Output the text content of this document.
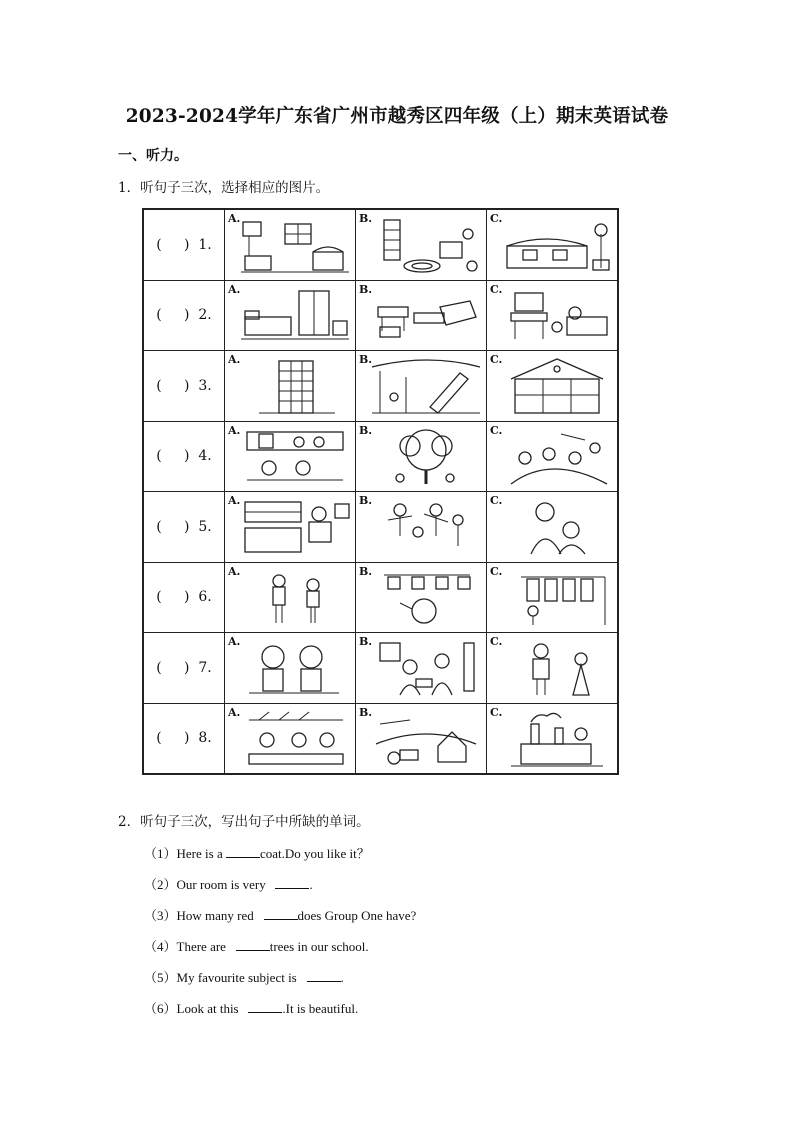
2023-2024学年广东省广州市越秀区四年级（上）期末英语试卷
一、听力。
1．听句子三次，选择相应的图片。
(     )  1.	A.	B.	C.

(     )  2.	A.	B.	C.

(     )  3.	A.	B.	C.

(     )  4.	A.	B.	C.

(     )  5.	A.	B.	C.

(     )  6.	A.	B.	C.

(     )  7.	A.	B.	C.

(     )  8.	A.	B.	C.
2．听句子三次，写出句子中所缺的单词。
（1）Here is a	coat.Do you like it？
（2）Our room is very	.
（3）How many red	does Group One have?
（4）There are	trees in our school.
（5）My favourite subject is	.
（6）Look at this	.It is beautiful.
